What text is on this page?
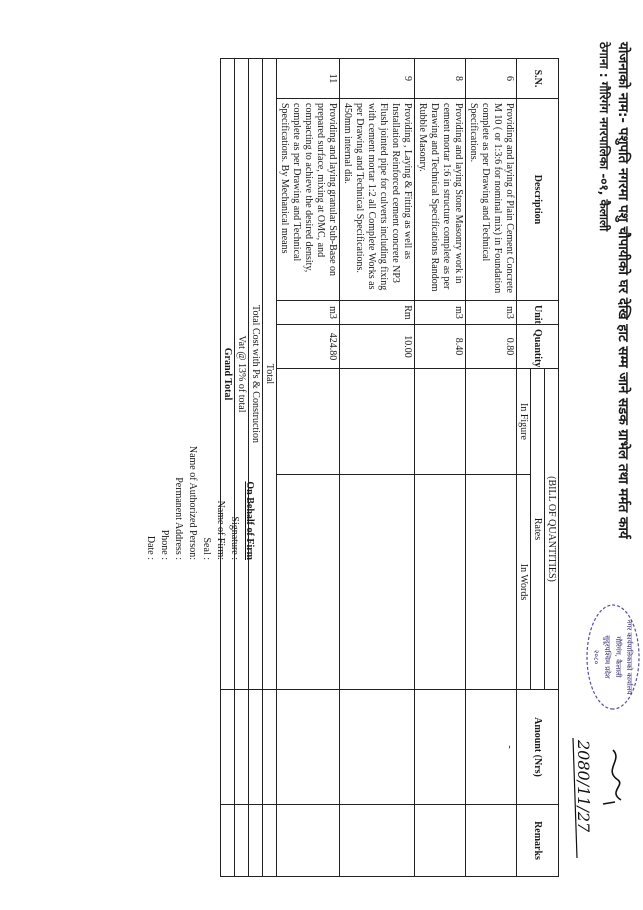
योजनाको नाम:- पशुपति नगरमा पशु चौपायीको घर देखि हाट सम्म जाने सडक ग्राभेल तथा मर्मत कार्य
ठेगाना : गौरिगंग नगरपालिका -०१, कैलाली
नगर कार्यपालिकाको कार्यालय
गौरिगंग, कैलाली
सुदूरपश्चिम प्रदेश
२०८०
2080/11/27
S.N.	Description	Unit	Quantity	(BILL OF QUANTITIES)		Amount (Nrs)	Remarks
				Rates			
				In Figure	In Words		
6	Providing and laying of Plain Cement Concrete M 10 ( or 1:3:6 for nominal mix) in Foundation complete as per Drawing and Technical Specifications.	m3	0.80			-	
8	Providing and laying Stone Masonry work in cement mortar 1:6 in structure complete as per Drawing and Technical Specifications Random Rubble Masonry.	m3	8.40				
9	Providing , Laying & Fitting as well as Installation Reinforced cement concrete NP3 Flush jointed pipe for culverts including fixing with cement mortar 1:2 all Complete Works as per Drawing and Technical Specifications. 450mm internal dia.	Rm	10.00				
11	Providing and laying granular Sub-Base on prepared surface, mixing at OMC, and compacting to achieve the desired density, complete as per Drawing and Technical Specifications. By Mechanical means	m3	424.80				
Total							
Total Cost with Ps & Construction							
Vat @ 13% of total							
Grand Total							
On Behalf of Firm
Signature :
Name of Firm:
Seal :
Name of Authorized Person:
Permanent Address :
Phone :
Date :
